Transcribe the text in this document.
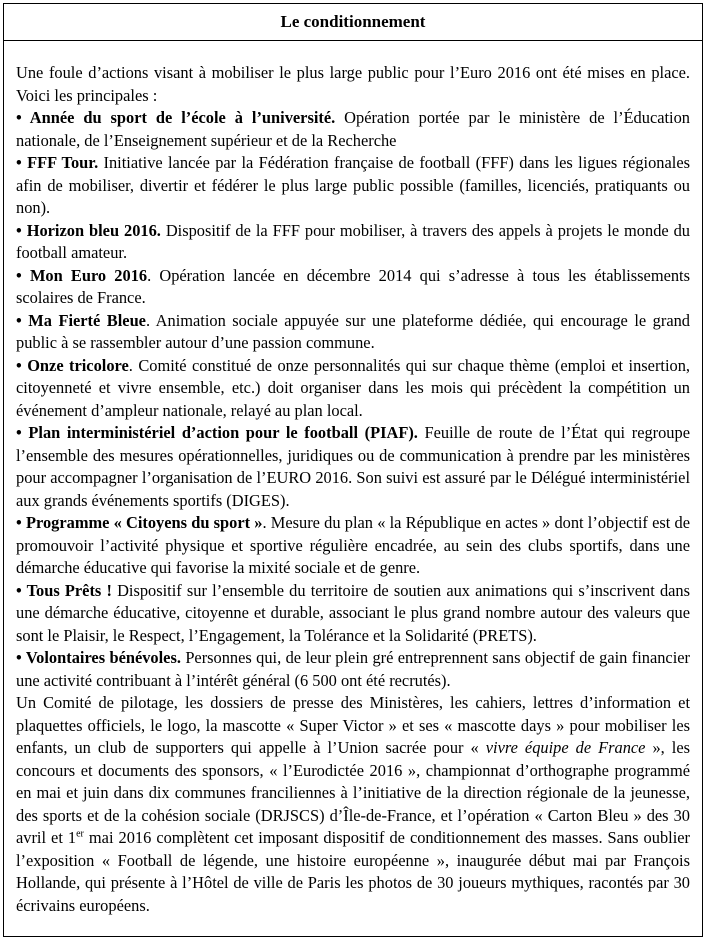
Le conditionnement

Une foule d’actions visant à mobiliser le plus large public pour l’Euro 2016 ont été mises en place. Voici les principales :

• Année du sport de l’école à l’université. Opération portée par le ministère de l’Éducation nationale, de l’Enseignement supérieur et de la Recherche

• FFF Tour. Initiative lancée par la Fédération française de football (FFF) dans les ligues régionales afin de mobiliser, divertir et fédérer le plus large public possible (familles, licenciés, pratiquants ou non).

• Horizon bleu 2016. Dispositif de la FFF pour mobiliser, à travers des appels à projets le monde du football amateur.

• Mon Euro 2016. Opération lancée en décembre 2014 qui s’adresse à tous les établissements scolaires de France.

• Ma Fierté Bleue. Animation sociale appuyée sur une plateforme dédiée, qui encourage le grand public à se rassembler autour d’une passion commune.

• Onze tricolore. Comité constitué de onze personnalités qui sur chaque thème (emploi et insertion, citoyenneté et vivre ensemble, etc.) doit organiser dans les mois qui précèdent la compétition un événement d’ampleur nationale, relayé au plan local.

• Plan interministériel d’action pour le football (PIAF). Feuille de route de l’État qui regroupe l’ensemble des mesures opérationnelles, juridiques ou de communication à prendre par les ministères pour accompagner l’organisation de l’EURO 2016. Son suivi est assuré par le Délégué interministériel aux grands événements sportifs (DIGES).

• Programme « Citoyens du sport ». Mesure du plan « la République en actes » dont l’objectif est de promouvoir l’activité physique et sportive régulière encadrée, au sein des clubs sportifs, dans une démarche éducative qui favorise la mixité sociale et de genre.

• Tous Prêts ! Dispositif sur l’ensemble du territoire de soutien aux animations qui s’inscrivent dans une démarche éducative, citoyenne et durable, associant le plus grand nombre autour des valeurs que sont le Plaisir, le Respect, l’Engagement, la Tolérance et la Solidarité (PRETS).

• Volontaires bénévoles. Personnes qui, de leur plein gré entreprennent sans objectif de gain financier une activité contribuant à l’intérêt général (6 500 ont été recrutés).

Un Comité de pilotage, les dossiers de presse des Ministères, les cahiers, lettres d’information et plaquettes officiels, le logo, la mascotte « Super Victor » et ses « mascotte days » pour mobiliser les enfants, un club de supporters qui appelle à l’Union sacrée pour « vivre équipe de France », les concours et documents des sponsors, « l’Eurodictée 2016 », championnat d’orthographe programmé en mai et juin dans dix communes franciliennes à l’initiative de la direction régionale de la jeunesse, des sports et de la cohésion sociale (DRJSCS) d’Île-de-France, et l’opération « Carton Bleu » des 30 avril et 1er mai 2016 complètent cet imposant dispositif de conditionnement des masses. Sans oublier l’exposition « Football de légende, une histoire européenne », inaugurée début mai par François Hollande, qui présente à l’Hôtel de ville de Paris les photos de 30 joueurs mythiques, racontés par 30 écrivains européens.
